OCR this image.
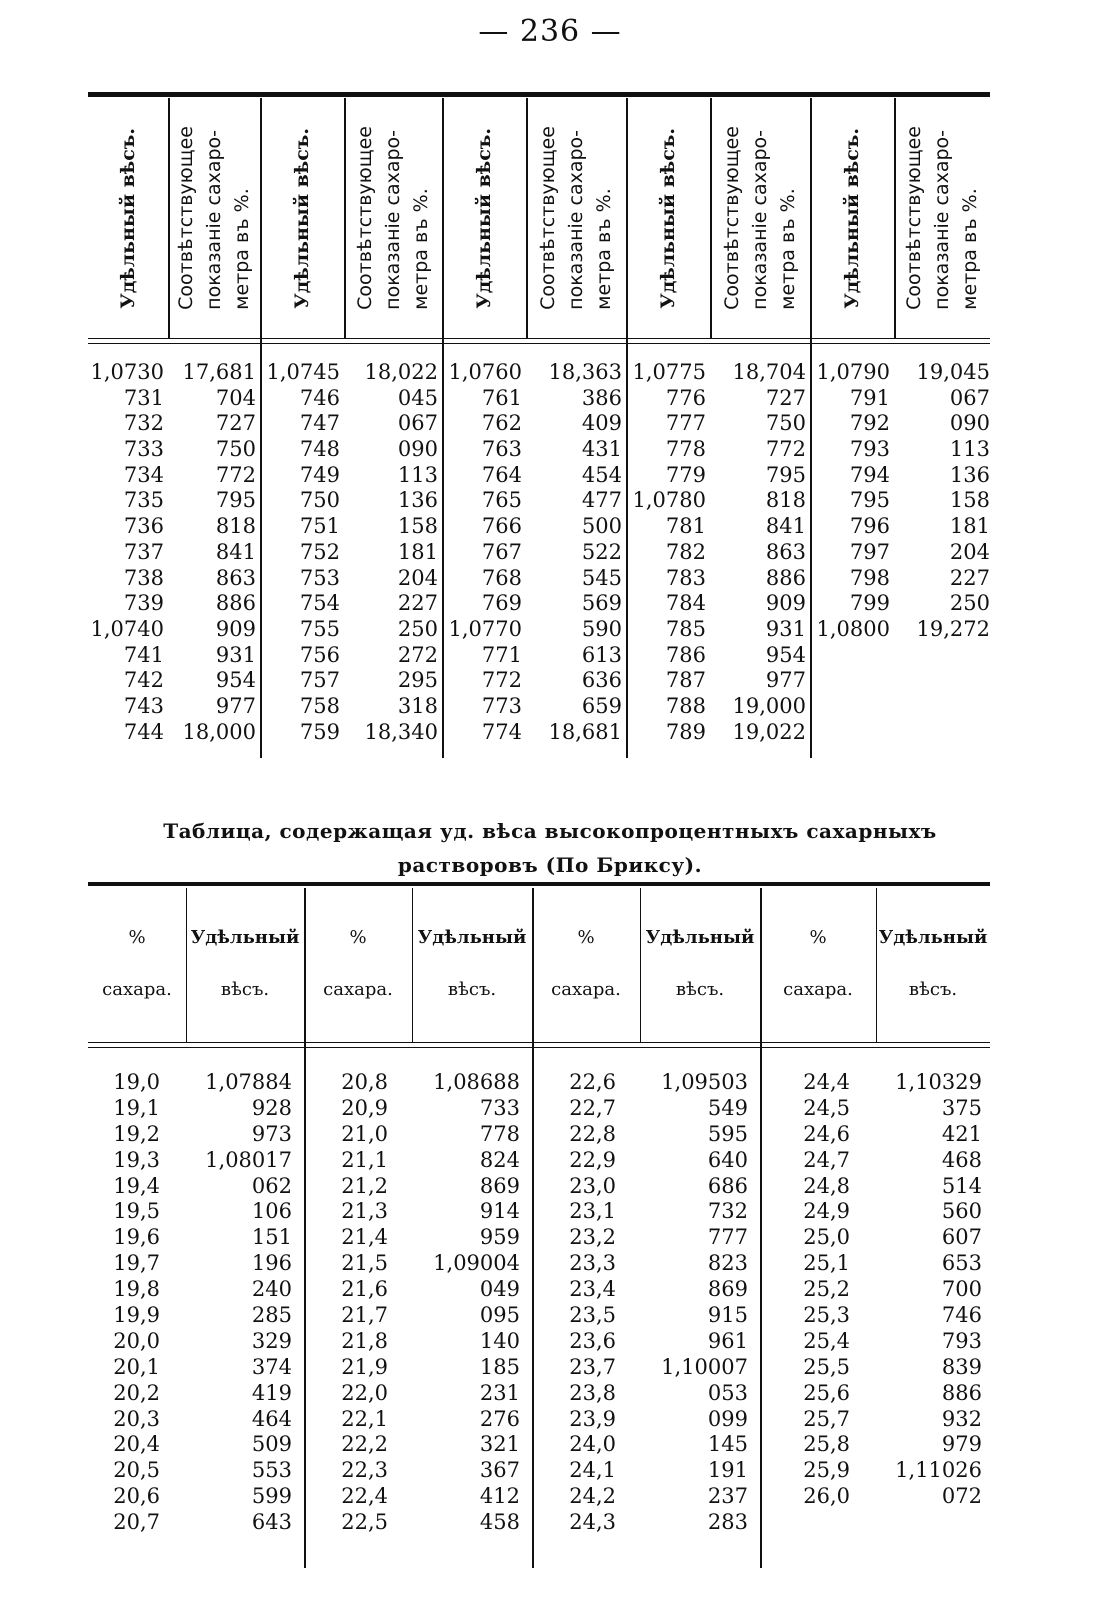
— 236 —
Удѣльный вѣсъ. Соотвѣтствующее
показаніе сахаро-
метра въ %. Удѣльный вѣсъ. Соотвѣтствующее
показаніе сахаро-
метра въ %. Удѣльный вѣсъ. Соотвѣтствующее
показаніе сахаро-
метра въ %. Удѣльный вѣсъ. Соотвѣтствующее
показаніе сахаро-
метра въ %. Удѣльный вѣсъ. Соотвѣтствующее
показаніе сахаро-
метра въ %.
1,0730
731
732
733
734
735
736
737
738
739
1,0740
741
742
743
744
17,681
704
727
750
772
795
818
841
863
886
909
931
954
977
18,000
1,0745
746
747
748
749
750
751
752
753
754
755
756
757
758
759
18,022
045
067
090
113
136
158
181
204
227
250
272
295
318
18,340
1,0760
761
762
763
764
765
766
767
768
769
1,0770
771
772
773
774
18,363
386
409
431
454
477
500
522
545
569
590
613
636
659
18,681
1,0775
776
777
778
779
1,0780
781
782
783
784
785
786
787
788
789
18,704
727
750
772
795
818
841
863
886
909
931
954
977
19,000
19,022
1,0790
791
792
793
794
795
796
797
798
799
1,0800
19,045
067
090
113
136
158
181
204
227
250
19,272
Таблица, содержащая уд. вѣса высокопроцентныхъ сахарныхъ
растворовъ (По Бриксу).
%
сахара.
Удѣльный
вѣсъ.
%
сахара.
Удѣльный
вѣсъ.
%
сахара.
Удѣльный
вѣсъ.
%
сахара.
Удѣльный
вѣсъ.
19,0
19,1
19,2
19,3
19,4
19,5
19,6
19,7
19,8
19,9
20,0
20,1
20,2
20,3
20,4
20,5
20,6
20,7
1,07884
928
973
1,08017
062
106
151
196
240
285
329
374
419
464
509
553
599
643
20,8
20,9
21,0
21,1
21,2
21,3
21,4
21,5
21,6
21,7
21,8
21,9
22,0
22,1
22,2
22,3
22,4
22,5
1,08688
733
778
824
869
914
959
1,09004
049
095
140
185
231
276
321
367
412
458
22,6
22,7
22,8
22,9
23,0
23,1
23,2
23,3
23,4
23,5
23,6
23,7
23,8
23,9
24,0
24,1
24,2
24,3
1,09503
549
595
640
686
732
777
823
869
915
961
1,10007
053
099
145
191
237
283
24,4
24,5
24,6
24,7
24,8
24,9
25,0
25,1
25,2
25,3
25,4
25,5
25,6
25,7
25,8
25,9
26,0
1,10329
375
421
468
514
560
607
653
700
746
793
839
886
932
979
1,11026
072
